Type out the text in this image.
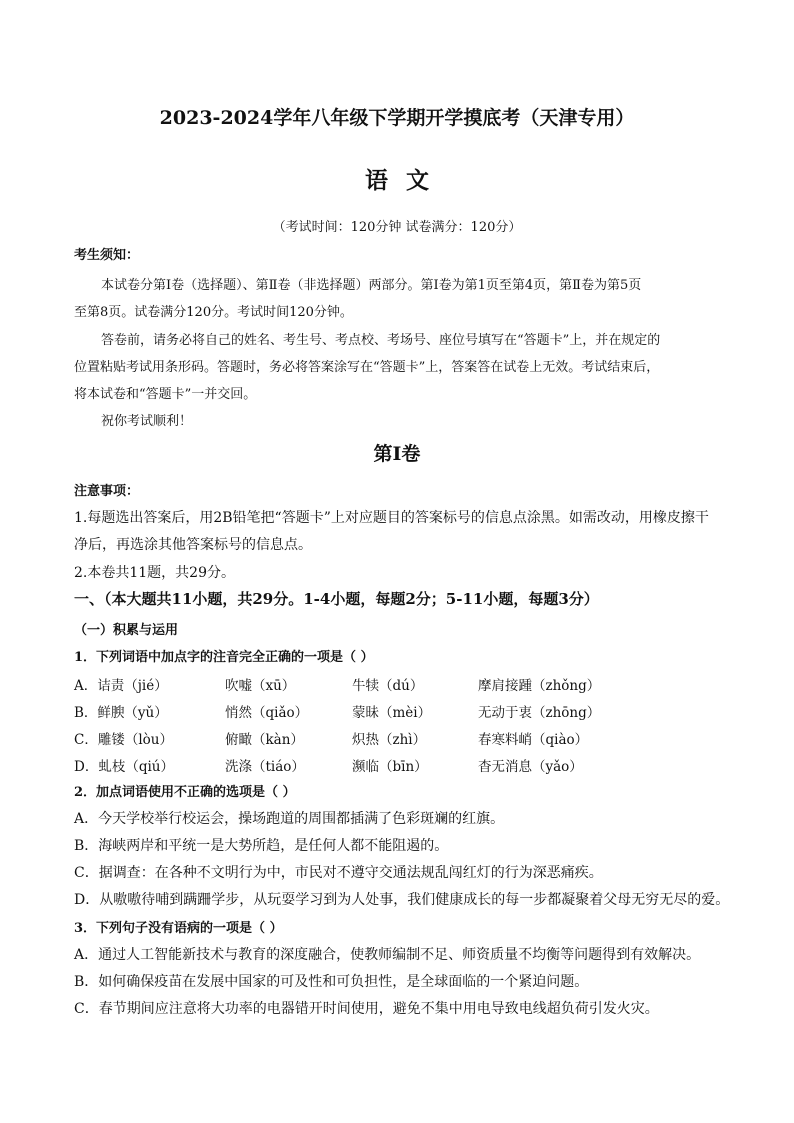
2023-2024学年八年级下学期开学摸底考（天津专用）
语文
（考试时间：120分钟 试卷满分：120分）
考生须知：
本试卷分第Ⅰ卷（选择题）、第Ⅱ卷（非选择题）两部分。第Ⅰ卷为第1页至第4页，第Ⅱ卷为第5页
至第8页。试卷满分120分。考试时间120分钟。
答卷前，请务必将自己的姓名、考生号、考点校、考场号、座位号填写在“答题卡”上，并在规定的
位置粘贴考试用条形码。答题时，务必将答案涂写在“答题卡”上，答案答在试卷上无效。考试结束后，
将本试卷和“答题卡”一并交回。
祝你考试顺利！
第Ⅰ卷
注意事项：
1.每题选出答案后，用2B铅笔把“答题卡”上对应题目的答案标号的信息点涂黑。如需改动，用橡皮擦干
净后，再选涂其他答案标号的信息点。
2.本卷共11题，共29分。
一、（本大题共11小题，共29分。1-4小题，每题2分；5-11小题，每题3分）
（一）积累与运用
1．下列词语中加点字的注音完全正确的一项是（ ）
A．诘责（jié）	吹嘘（xū）	牛犊（dú）	摩肩接踵（zhǒng）
B．鲜腴（yǔ）	悄然（qiǎo）	蒙昧（mèi）	无动于衷（zhōng）
C．雕镂（lòu）	俯瞰（kàn）	炽热（zhì）	春寒料峭（qiào）
D．虬枝（qiú）	洗涤（tiáo）	濒临（bīn）	杳无消息（yǎo）
2．加点词语使用不正确的选项是（ ）
A．今天学校举行校运会，操场跑道的周围都插满了色彩斑斓的红旗。
B．海峡两岸和平统一是大势所趋，是任何人都不能阻遏的。
C．据调查：在各种不文明行为中，市民对不遵守交通法规乱闯红灯的行为深恶痛疾。
D．从嗷嗷待哺到蹒跚学步，从玩耍学习到为人处事，我们健康成长的每一步都凝聚着父母无穷无尽的爱。
3．下列句子没有语病的一项是（ ）
A．通过人工智能新技术与教育的深度融合，使教师编制不足、师资质量不均衡等问题得到有效解决。
B．如何确保疫苗在发展中国家的可及性和可负担性，是全球面临的一个紧迫问题。
C．春节期间应注意将大功率的电器错开时间使用，避免不集中用电导致电线超负荷引发火灾。
